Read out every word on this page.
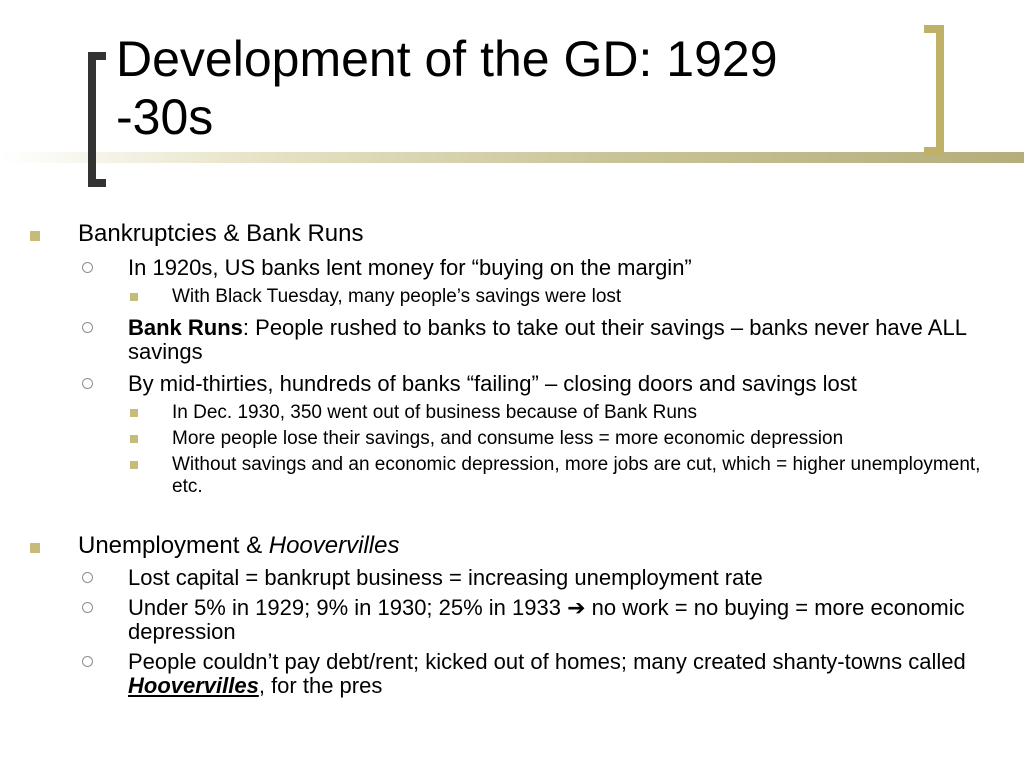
Development of the GD: 1929
-30s
Bankruptcies & Bank Runs
In 1920s, US banks lent money for “buying on the margin”
With Black Tuesday, many people’s savings were lost
Bank Runs: People rushed to banks to take out their savings – banks never have ALL savings
By mid-thirties, hundreds of banks “failing” – closing doors and savings lost
In Dec. 1930, 350 went out of business because of Bank Runs
More people lose their savings, and consume less = more economic depression
Without savings and an economic depression, more jobs are cut, which = higher unemployment, etc.
Unemployment & Hoovervilles
Lost capital = bankrupt business = increasing unemployment rate
Under 5% in 1929; 9% in 1930; 25% in 1933 ➔ no work = no buying = more economic depression
People couldn’t pay debt/rent; kicked out of homes; many created shanty-towns called Hoovervilles, for the pres
